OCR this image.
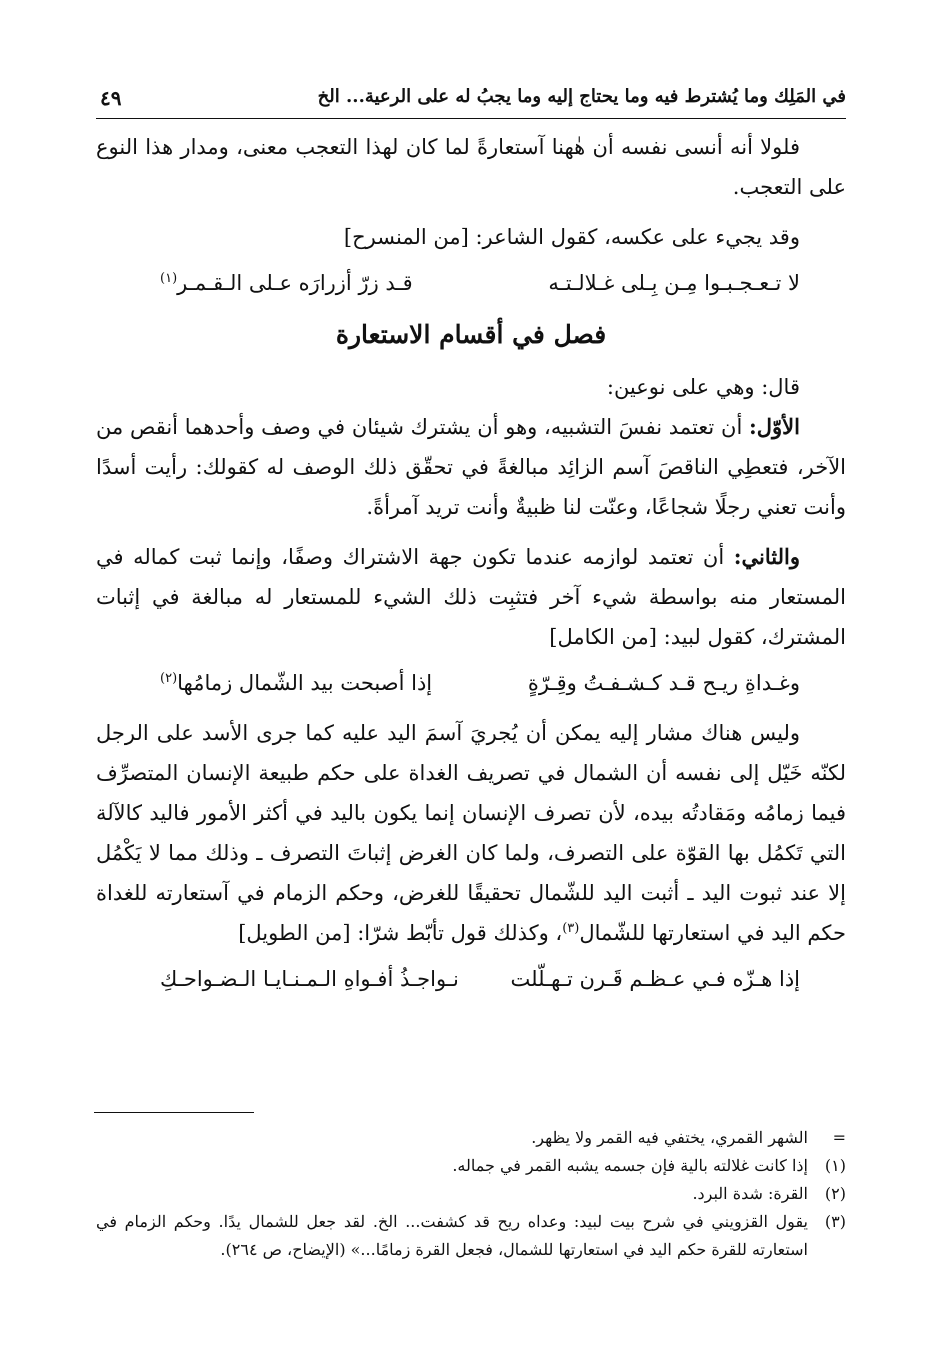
في المَلِك وما يُشترط فيه وما يحتاج إليه وما يجبُ له على الرعية... الخ
٤٩

فلولا أنه أنسى نفسه أن هٰهنا آستعارةً لما كان لهذا التعجب معنى، ومدار هذا النوع على التعجب.

وقد يجيء على عكسه، كقول الشاعر: [من المنسرح]

لا تـعـجـبـوا مِـن بِـلى غـلالـتـه
قـد زرّ أزرارَه عـلى الـقـمـر$^{(١)}$
فصل في أقسام الاستعارة

قال: وهي على نوعين:

الأوّل: أن تعتمد نفسَ التشبيه، وهو أن يشترك شيئان في وصف وأحدهما أنقص من الآخر، فتعطِي الناقصَ آسم الزائِد مبالغةً في تحقّق ذلك الوصف له كقولك: رأيت أسدًا وأنت تعني رجلًا شجاعًا، وعنّت لنا ظبيةٌ وأنت تريد آمرأةً.

والثاني: أن تعتمد لوازمه عندما تكون جهة الاشتراك وصفًا، وإنما ثبت كماله في المستعار منه بواسطة شيء آخر فتثبِت ذلك الشيء للمستعار له مبالغة في إثبات المشترك، كقول لبيد: [من الكامل]

وغـداةِ ريـح قـد كـشـفـتُ وقِـرّةٍ
إذا أصبحت بيد الشّمال زمامُها$^{(٢)}$

وليس هناك مشار إليه يمكن أن يُجريَ آسمَ اليد عليه كما جرى الأسد على الرجل لكنّه خَيّل إلى نفسه أن الشمال في تصريف الغداة على حكم طبيعة الإنسان المتصرِّف فيما زمامُه ومَقادتُه بيده، لأن تصرف الإنسان إنما يكون باليد في أكثر الأمور فاليد كالآلة التي تَكمُل بها القوّة على التصرف، ولما كان الغرض إثباتَ التصرف ـ وذلك مما لا يَكْمُل إلا عند ثبوت اليد ـ أثبت اليد للشّمال تحقيقًا للغرض، وحكم الزمام في آستعارته للغداة حكم اليد في استعارتها للشّمال$^{(٣)}$، وكذلك قول تأبّط شرّا: [من الطويل]

إذا هـزّه فـي عـظـم قَـرن تـهـلّلت
نـواجـذُ أفـواهِ الـمـنـايـا الـضـواحـكِ
=
الشهر القمري، يختفي فيه القمر ولا يظهر.
(١)
إذا كانت غلالته بالية فإن جسمه يشبه القمر في جماله.
(٢)
القرة: شدة البرد.
(٣)
يقول القزويني في شرح بيت لبيد: وعداه ريح قد كشفت... الخ. لقد جعل للشمال يدًا. وحكم الزمام في استعارته للقرة حكم اليد في استعارتها للشمال، فجعل القرة زمامًا...» (الإيضاح، ص ٢٦٤).
